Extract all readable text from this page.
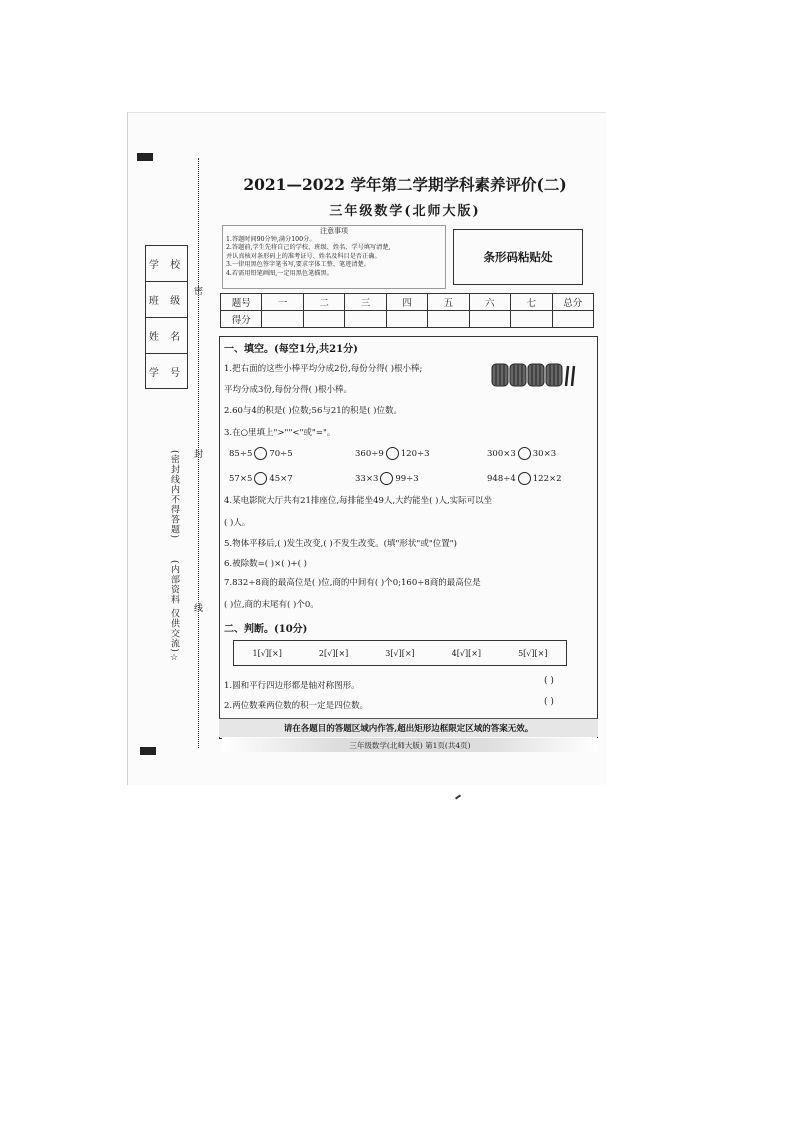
学 校
班 级
姓 名
学 号
密
封
线
(密封线内不得答题)
(内部资料 仅供交流)☆
2021—2022 学年第二学期学科素养评价(二)
三年级数学(北师大版)
注意事项
1.答题时间90分钟,满分100分。
2.答题前,学生先将自己的学校、班级、姓名、学号填写清楚,
并认真核对条形码上的准考证号、姓名及科目是否正确。
3.一律用黑色签字笔书写,要求字体工整、笔迹清楚。
4.若需用铅笔画图,一定用黑色笔描黑。
条形码粘贴处
题号	一	二	三	四	五	六	七	总分
得分								
一、填空。(每空1分,共21分)
1.把右面的这些小棒平均分成2份,每份分得( )根小棒;
平均分成3份,每份分得( )根小棒。
2.60与4的积是( )位数;56与21的积是( )位数。
3.在○里填上">""<"或"="。
85÷5 70÷5	360÷9 120÷3	300×3 30×3
57×5 45×7	33×3 99÷3	948÷4 122×2
4.某电影院大厅共有21排座位,每排能坐49人,大约能坐( )人,实际可以坐
( )人。
5.物体平移后,( )发生改变,( )不发生改变。(填"形状"或"位置")
6.被除数=( )×( )+( )
7.832÷8商的最高位是( )位,商的中间有( )个0;160÷8商的最高位是
( )位,商的末尾有( )个0。
二、判断。(10分)
1[√][×]	2[√][×]	3[√][×]	4[√][×]	5[√][×]
1.圆和平行四边形都是轴对称图形。	( )
2.两位数乘两位数的积一定是四位数。	( )
请在各题目的答题区域内作答,超出矩形边框限定区域的答案无效。
三年级数学(北师大版) 第1页(共4页)
